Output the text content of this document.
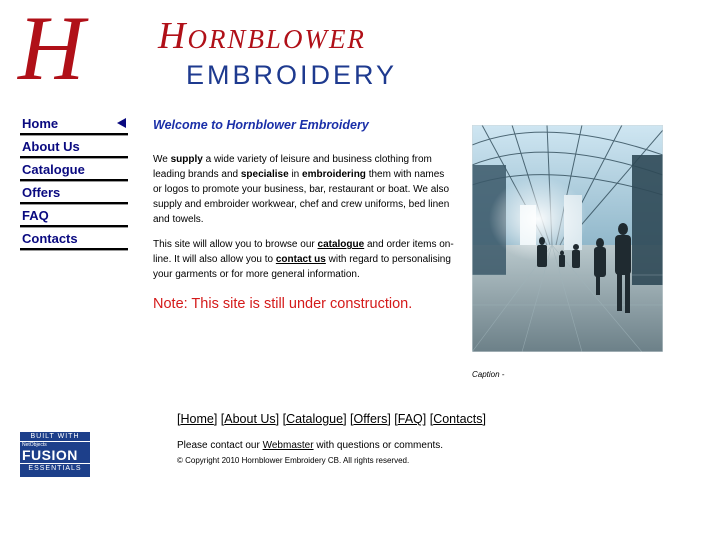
H Hornblower
EMBROIDERY
Home
About Us
Catalogue
Offers
FAQ
Contacts
Welcome to Hornblower Embroidery

We supply a wide variety of leisure and business clothing from leading brands and specialise in embroidering them with names or logos to promote your business, bar, restaurant or boat. We also supply and embroider workwear, chef and crew uniforms, bed linen and towels.

This site will allow you to browse our catalogue and order items on-line. It will also allow you to contact us with regard to personalising your garments or for more general information.

Note: This site is still under construction.
Caption -
BUILT WITH
NetObjects
FUSION
ESSENTIALS
[Home] [About Us] [Catalogue] [Offers] [FAQ] [Contacts]
Please contact our Webmaster with questions or comments.
© Copyright 2010 Hornblower Embroidery CB. All rights reserved.
